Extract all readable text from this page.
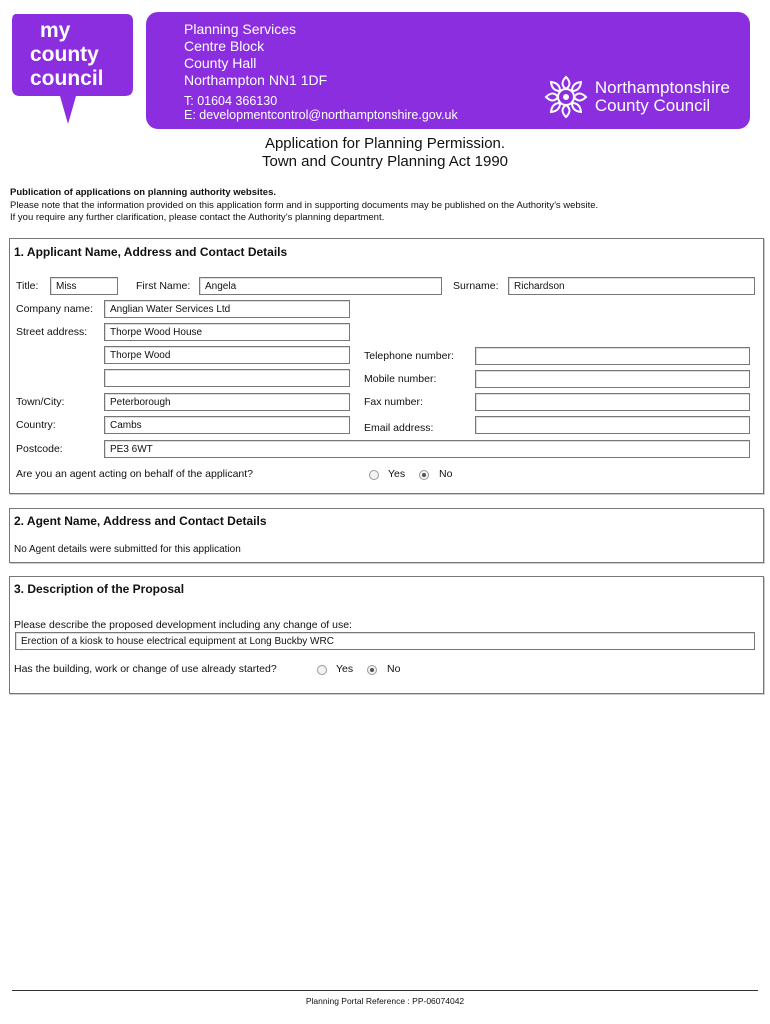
my
county
council
Planning Services
Centre Block
County Hall
Northampton NN1 1DF
T: 01604 366130
E: developmentcontrol@northamptonshire.gov.uk
Northamptonshire
County Council
Application for Planning Permission.
Town and Country Planning Act 1990
Publication of applications on planning authority websites.
Please note that the information provided on this application form and in supporting documents may be published on the Authority’s website.
If you require any further clarification, please contact the Authority’s planning department.
1. Applicant Name, Address and Contact Details
Title:	Miss	First Name:	Angela	Surname:	Richardson
Company name:	Anglian Water Services Ltd
Street address:	Thorpe Wood House
Thorpe Wood
Town/City:	Peterborough
Country:	Cambs
Postcode:	PE3 6WT
Telephone number:
Mobile number:
Fax number:
Email address:
Are you an agent acting on behalf of the applicant?	Yes	No
2. Agent Name, Address and Contact Details
No Agent details were submitted for this application
3. Description of the Proposal
Please describe the proposed development including any change of use:
Erection of a kiosk to house electrical equipment at Long Buckby WRC
Has the building, work or change of use already started?	Yes	No
Planning Portal Reference : PP-06074042
